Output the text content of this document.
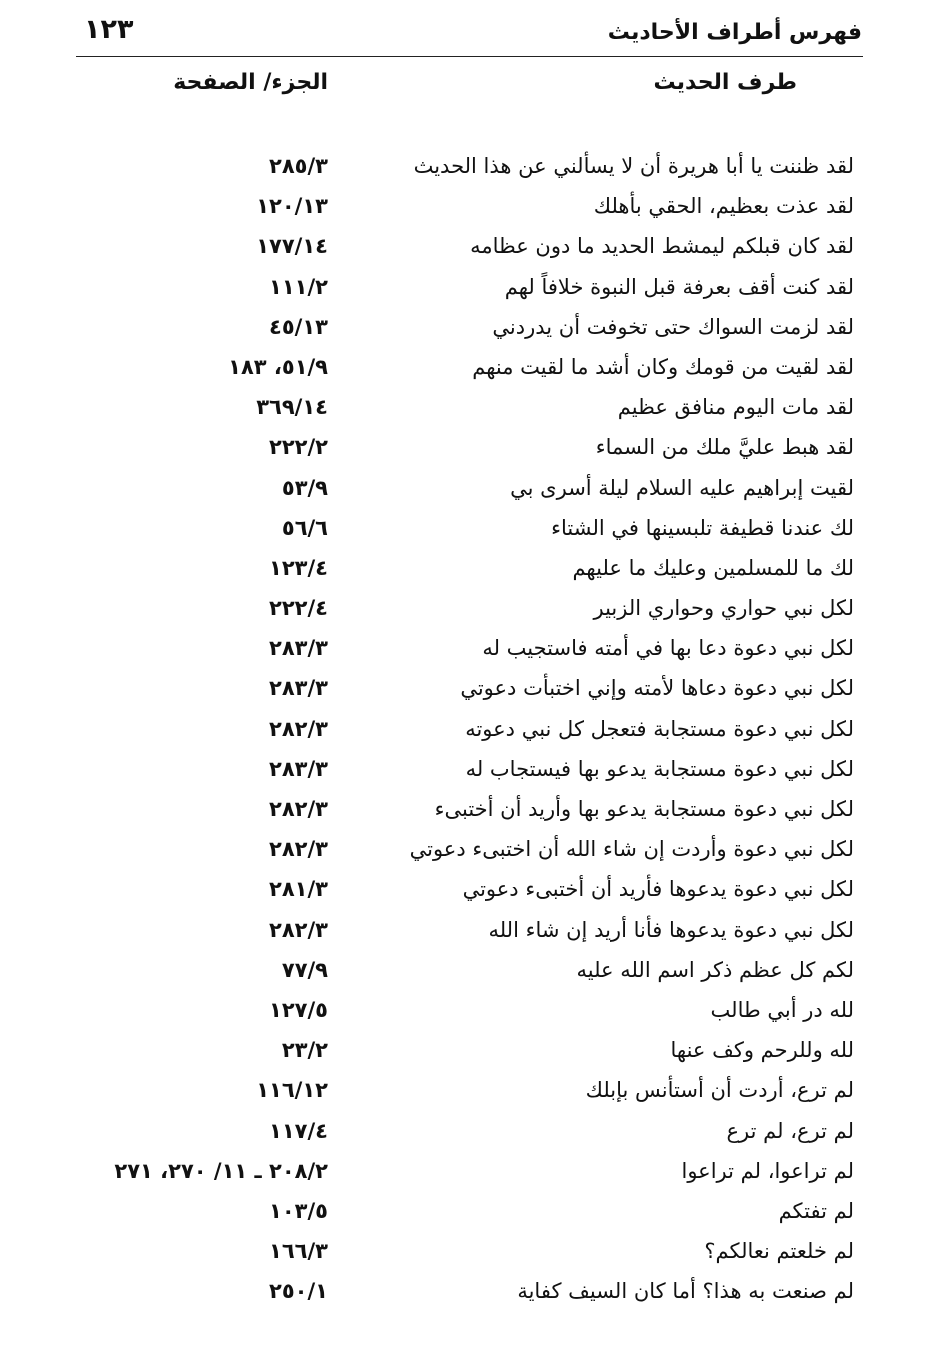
١٢٣	فهرس أطراف الأحاديث
طرف الحديث
الجزء/ الصفحة
لقد ظننت يا أبا هريرة أن لا يسألني عن هذا الحديث
٢٨٥/٣
لقد عذت بعظيم، الحقي بأهلك
١٢٠/١٣
لقد كان قبلكم ليمشط الحديد ما دون عظامه
١٧٧/١٤
لقد كنت أقف بعرفة قبل النبوة خلافاً لهم
١١١/٢
لقد لزمت السواك حتى تخوفت أن يدردني
٤٥/١٣
لقد لقيت من قومك وكان أشد ما لقيت منهم
٥١/٩، ١٨٣
لقد مات اليوم منافق عظيم
٣٦٩/١٤
لقد هبط عليَّ ملك من السماء
٢٢٢/٢
لقيت إبراهيم عليه السلام ليلة أسرى بي
٥٣/٩
لك عندنا قطيفة تلبسينها في الشتاء
٥٦/٦
لك ما للمسلمين وعليك ما عليهم
١٢٣/٤
لكل نبي حواري وحواري الزبير
٢٢٢/٤
لكل نبي دعوة دعا بها في أمته فاستجيب له
٢٨٣/٣
لكل نبي دعوة دعاها لأمته وإني اختبأت دعوتي
٢٨٣/٣
لكل نبي دعوة مستجابة فتعجل كل نبي دعوته
٢٨٢/٣
لكل نبي دعوة مستجابة يدعو بها فيستجاب له
٢٨٣/٣
لكل نبي دعوة مستجابة يدعو بها وأريد أن أختبىء
٢٨٢/٣
لكل نبي دعوة وأردت إن شاء الله أن اختبىء دعوتي
٢٨٢/٣
لكل نبي دعوة يدعوها فأريد أن أختبىء دعوتي
٢٨١/٣
لكل نبي دعوة يدعوها فأنا أريد إن شاء الله
٢٨٢/٣
لكم كل عظم ذكر اسم الله عليه
٧٧/٩
لله در أبي طالب
١٢٧/٥
لله وللرحم وكف عنها
٢٣/٢
لم ترع، أردت أن أستأنس بإبلك
١١٦/١٢
لم ترع، لم ترع
١١٧/٤
لم تراعوا، لم تراعوا
٢٠٨/٢ ـ ١١/ ٢٧٠، ٢٧١
لم تفتكم
١٠٣/٥
لم خلعتم نعالكم؟
١٦٦/٣
لم صنعت به هذا؟ أما كان السيف كفاية
٢٥٠/١
